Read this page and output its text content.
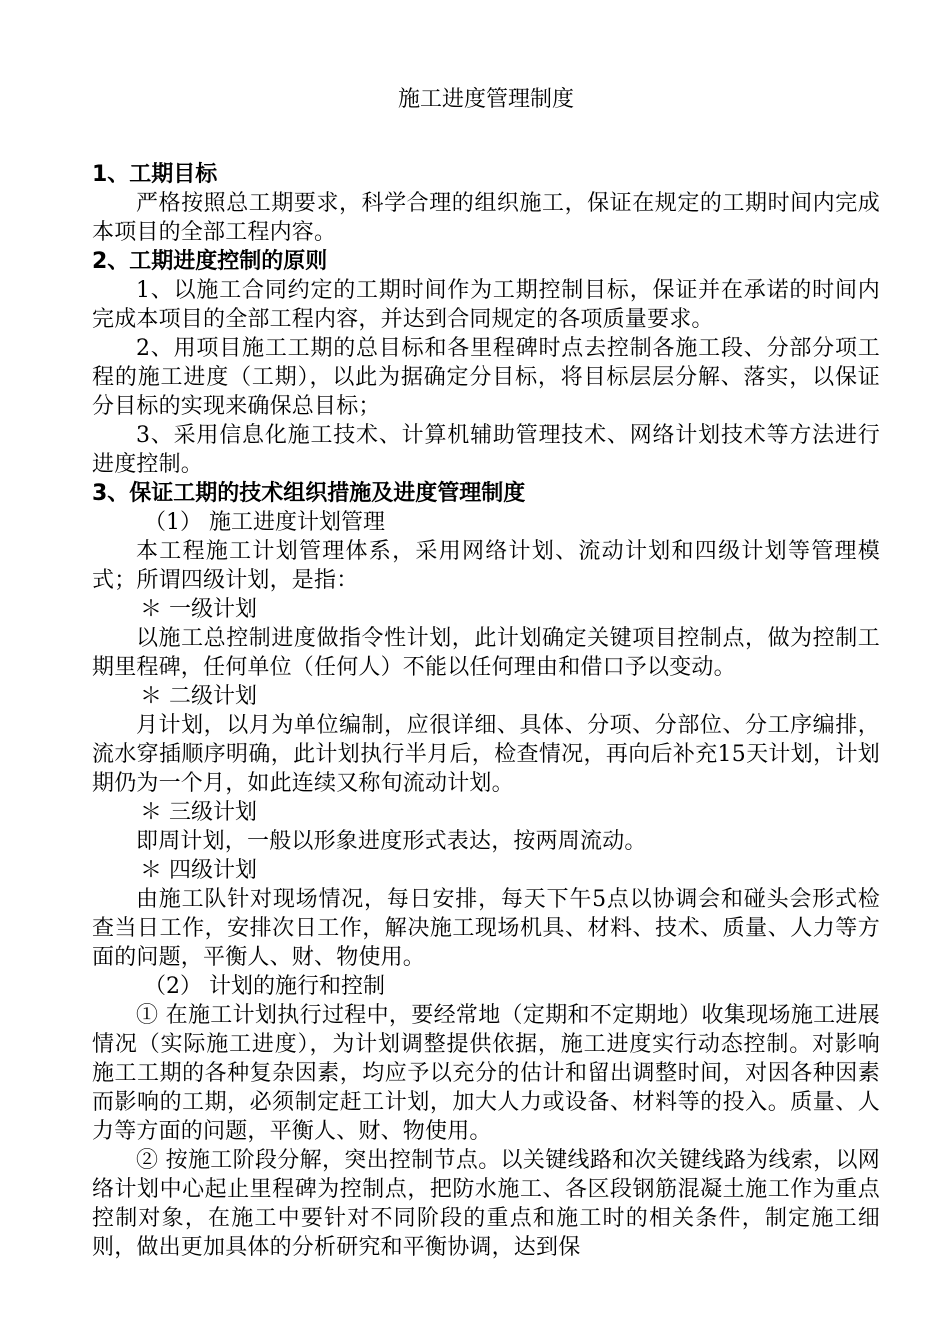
施工进度管理制度
1、工期目标

严格按照总工期要求，科学合理的组织施工，保证在规定的工期时间内完成本项目的全部工程内容。

2、工期进度控制的原则

1、以施工合同约定的工期时间作为工期控制目标，保证并在承诺的时间内完成本项目的全部工程内容，并达到合同规定的各项质量要求。

2、用项目施工工期的总目标和各里程碑时点去控制各施工段、分部分项工程的施工进度（工期），以此为据确定分目标，将目标层层分解、落实，以保证分目标的实现来确保总目标；

3、采用信息化施工技术、计算机辅助管理技术、网络计划技术等方法进行进度控制。

3、保证工期的技术组织措施及进度管理制度
（1） 施工进度计划管理

本工程施工计划管理体系，采用网络计划、流动计划和四级计划等管理模式；所谓四级计划，是指：

＊ 一级计划

以施工总控制进度做指令性计划，此计划确定关键项目控制点，做为控制工期里程碑，任何单位（任何人）不能以任何理由和借口予以变动。

＊ 二级计划

月计划，以月为单位编制，应很详细、具体、分项、分部位、分工序编排，流水穿插顺序明确，此计划执行半月后，检查情况，再向后补充15天计划，计划期仍为一个月，如此连续又称旬流动计划。

＊ 三级计划

即周计划，一般以形象进度形式表达，按两周流动。

＊ 四级计划

由施工队针对现场情况，每日安排，每天下午5点以协调会和碰头会形式检查当日工作，安排次日工作，解决施工现场机具、材料、技术、质量、人力等方面的问题，平衡人、财、物使用。

（2） 计划的施行和控制

① 在施工计划执行过程中，要经常地（定期和不定期地）收集现场施工进展情况（实际施工进度），为计划调整提供依据，施工进度实行动态控制。对影响施工工期的各种复杂因素，均应予以充分的估计和留出调整时间，对因各种因素而影响的工期，必须制定赶工计划，加大人力或设备、材料等的投入。质量、人力等方面的问题，平衡人、财、物使用。

② 按施工阶段分解，突出控制节点。以关键线路和次关键线路为线索，以网络计划中心起止里程碑为控制点，把防水施工、各区段钢筋混凝土施工作为重点控制对象，在施工中要针对不同阶段的重点和施工时的相关条件，制定施工细则，做出更加具体的分析研究和平衡协调，达到保
